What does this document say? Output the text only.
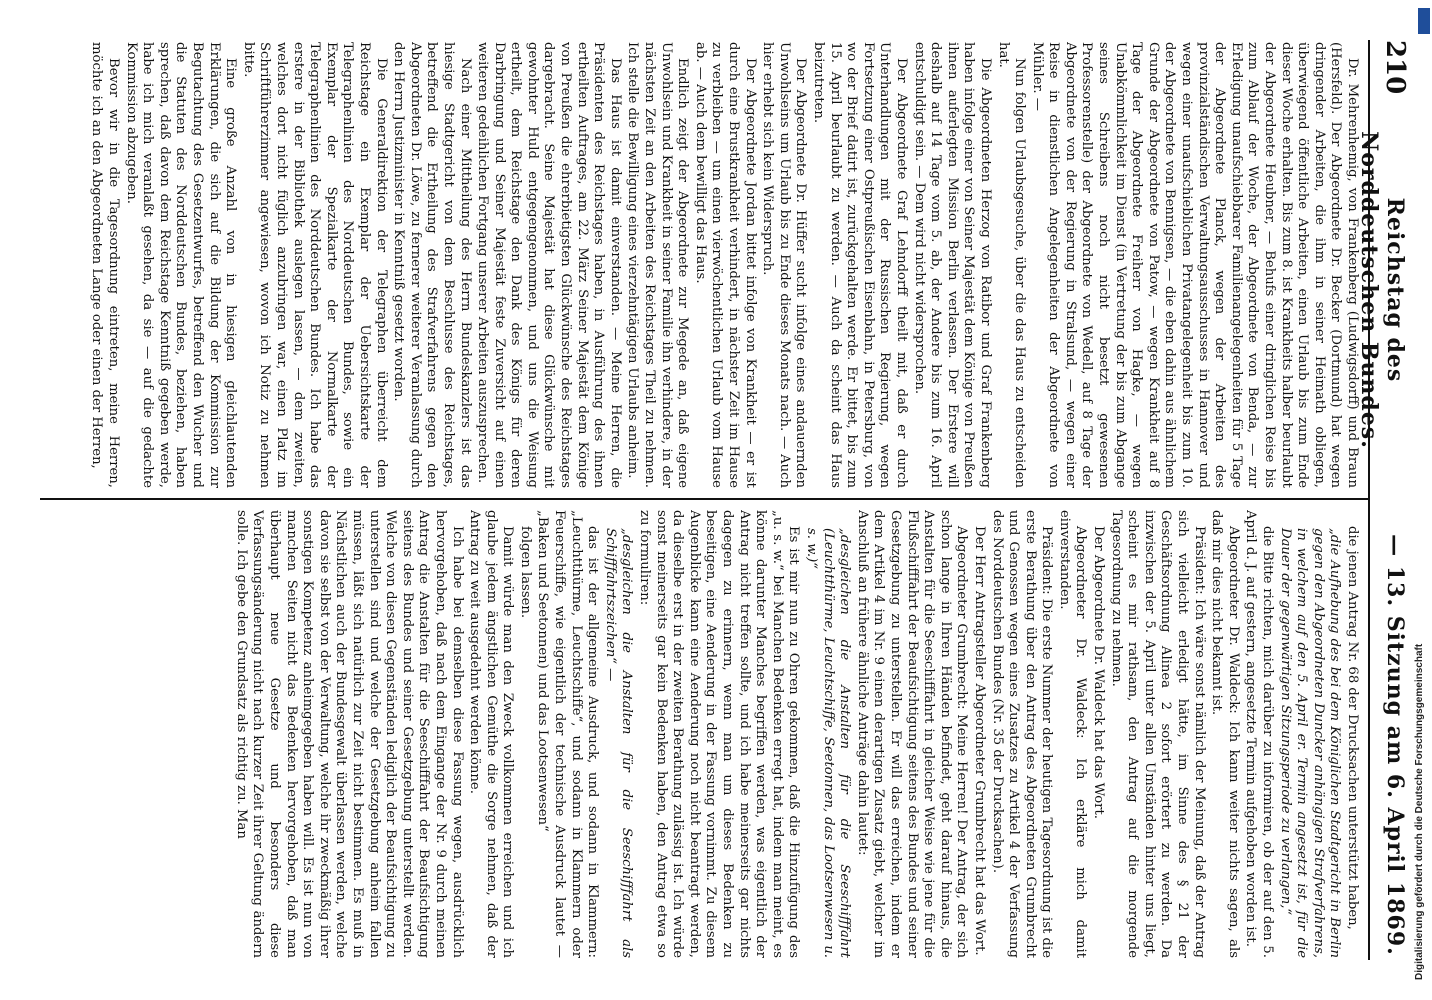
210
Reichstag des Norddeutschen Bundes.
— 13. Sitzung am 6. April 1869.

Dr. Mehrenhemig, von Frankenberg (Ludwigsdorff) und Braun (Hersfeld). Der Abgeordnete Dr. Becker (Dortmund) hat wegen dringender Arbeiten, die ihm in seiner Heimath obliegen, überwiegend öffentliche Arbeiten, einen Urlaub bis zum Ende dieser Woche erhalten. Bis zum 8. ist Krankheits halber beurlaubt der Abgeordnete Heubner, — Behufs einer dringlichen Reise bis zum Ablauf der Woche, der Abgeordnete von Benda, — zur Erledigung unaufschiebbarer Familienangelegenheiten für 5 Tage der Abgeordnete Planck, wegen der Arbeiten des provinzialständischen Verwaltungsausschusses in Hannover und wegen einer unaufschieblichen Privatangelegenheit bis zum 10. der Abgeordnete von Bennigsen, — die eben dahin aus ähnlichem Grunde der Abgeordnete von Patow, — wegen Krankheit auf 8 Tage der Abgeordnete Freiherr von Hagke, — wegen Unabkömmlichkeit im Dienst (in Vertretung der bis zum Abgange seines Schreibens noch nicht besetzt gewesenen Professorenstelle) der Abgeordnete von Wedell, auf 8 Tage der Abgeordnete von der Regierung in Stralsund, — wegen einer Reise in dienstlichen Angelegenheiten der Abgeordnete von Mühler. —

Nun folgen Urlaubsgesuche, über die das Haus zu entscheiden hat.

Die Abgeordneten Herzog von Ratibor und Graf Frankenberg haben infolge einer von Seiner Majestät dem Könige von Preußen ihnen auferlegten Mission Berlin verlassen. Der Erstere will deshalb auf 14 Tage vom 5. ab, der Andere bis zum 16. April entschuldigt sein. — Dem wird nicht widersprochen.

Der Abgeordnete Graf Lehndorff theilt mit, daß er durch Unterhandlungen mit der Russischen Regierung, wegen Fortsetzung einer Ostpreußischen Eisenbahn, in Petersburg, von wo der Brief datirt ist, zurückgehalten werde. Er bittet, bis zum 15. April beurlaubt zu werden. — Auch da scheint das Haus beizutreten.

Der Abgeordnete Dr. Hüffer sucht infolge eines andauernden Unwohlseins um Urlaub bis zu Ende dieses Monats nach. — Auch hier erhebt sich kein Widerspruch.

Der Abgeordnete Jordan bittet infolge von Krankheit — er ist durch eine Brustkrankheit verhindert, in nächster Zeit im Hause zu verbleiben — um einen vierwöchentlichen Urlaub vom Hause ab. — Auch dem bewilligt das Haus.

Endlich zeigt der Abgeordnete zur Megede an, daß eigene Unwohlsein und Krankheit in seiner Familie ihn verhindere, in der nächsten Zeit an den Arbeiten des Reichstages Theil zu nehmen. Ich stelle die Bewilligung eines vierzehntägigen Urlaubs anheim.

Das Haus ist damit einverstanden. — Meine Herren, die Präsidenten des Reichstages haben, in Ausführung des ihnen ertheilten Auftrages, am 22. März Seiner Majestät dem Könige von Preußen die ehrerbietigsten Glückwünsche des Reichstages dargebracht. Seine Majestät hat diese Glückwünsche mit gewohnter Huld entgegengenommen, und uns die Weisung ertheilt, dem Reichstage den Dank des Königs für deren Darbringung und Seiner Majestät feste Zuversicht auf einen weiteren gedeihlichen Fortgang unserer Arbeiten auszusprechen.

Nach einer Mittheilung des Herrn Bundeskanzlers ist das hiesige Stadtgericht von dem Beschlusse des Reichstages, betreffend die Ertheilung des Strafverfahrens gegen den Abgeordneten Dr. Löwe, zu fernerer weiterer Veranlassung durch den Herrn Justizminister in Kenntniß gesetzt worden.

Die Generaldirektion der Telegraphen überreicht dem Reichstage ein Exemplar der Uebersichtskarte der Telegraphenlinien des Norddeutschen Bundes, sowie ein Exemplar der Spezialkarte der Normalkarte der Telegraphenlinien des Norddeutschen Bundes. Ich habe das erstere in der Bibliothek auslegen lassen, — dem zweiten, welches dort nicht füglich anzubringen war, einen Platz im Schriftführerzimmer angewiesen, wovon ich Notiz zu nehmen bitte.

Eine große Anzahl von in hiesigen gleichlautenden Erklärungen, die sich auf die Bildung der Kommission zur Begutachtung des Gesetzentwurfes, betreffend den Wucher und die Statuten des Norddeutschen Bundes, beziehen, haben sprechen, daß davon dem Reichstage Kenntniß gegeben werde, habe ich mich veranlaßt gesehen, da sie — auf die gedachte Kommission abzugeben.

Bevor wir in die Tagesordnung eintreten, meine Herren, möchte ich an den Abgeordneten Lange oder einen der Herren,

die jenen Antrag Nr. 68 der Drucksachen unterstützt haben,

„die Aufhebung des bei dem Königlichen Stadtgericht in Berlin gegen den Abgeordneten Duncker anhängigen Strafverfahrens, in welchem auf den 5. April er. Termin angesetzt ist, für die Dauer der gegenwärtigen Sitzungsperiode zu verlangen,“

die Bitte richten, mich darüber zu informiren, ob der auf den 5. April d. J. auf gestern, angesetzte Termin aufgehoben worden ist.

Abgeordneter Dr. Waldeck: Ich kann weiter nichts sagen, als daß mir dies nicht bekannt ist.

Präsident: Ich wäre sonst nämlich der Meinung, daß der Antrag sich vielleicht erledigt hätte, im Sinne des § 21 der Geschäftsordnung Alinea 2 sofort erörtert zu werden. Da inzwischen der 5. April unter allen Umständen hinter uns liegt, scheint es mir rathsam, den Antrag auf die morgende Tagesordnung zu nehmen.

Der Abgeordnete Dr. Waldeck hat das Wort.

Abgeordneter Dr. Waldeck: Ich erkläre mich damit einverstanden.

Präsident: Die erste Nummer der heutigen Tagesordnung ist die erste Berathung über den Antrag des Abgeordneten Grumbrecht und Genossen wegen eines Zusatzes zu Artikel 4 der Verfassung des Norddeutschen Bundes (Nr. 35 der Drucksachen).

Der Herr Antragsteller Abgeordneter Grumbrecht hat das Wort.

Abgeordneter Grumbrecht: Meine Herren! Der Antrag, der sich schon lange in Ihren Händen befindet, geht darauf hinaus, die Anstalten für die Seeschifffahrt in gleicher Weise wie jene für die Flußschifffahrt der Beaufsichtigung seitens des Bundes und seiner Gesetzgebung zu unterstellen. Er will das erreichen, indem er dem Artikel 4 im Nr. 9 einen derartigen Zusatz giebt, welcher im Anschluß an frühere ähnliche Anträge dahin lautet:

„desgleichen die Anstalten für die Seeschifffahrt (Leuchtthürme, Leuchtschiffe, Seetonnen, das Lootsenwesen u. s. w.)“

Es ist mir nun zu Ohren gekommen, daß die Hinzufügung des „u. s. w.“ bei Manchen Bedenken erregt hat, indem man meint, es könne darunter Manches begriffen werden, was eigentlich der Antrag nicht treffen sollte, und ich habe meinerseits gar nichts dagegen zu erinnern, wenn man um dieses Bedenken zu beseitigen, eine Aenderung in der Fassung vornimmt. Zu diesem Augenblicke kann eine Aenderung noch nicht beantragt werden, da dieselbe erst in der zweiten Berathung zulässig ist. Ich würde sonst meinerseits gar kein Bedenken haben, den Antrag etwa so zu formuliren:

„desgleichen die Anstalten für die Seeschifffahrt als Schifffahrtszeichen“ —

das ist der allgemeine Ausdruck, und sodann in Klammern: „Leuchtthürme, Leuchtschiffe“, und sodann in Klammern oder Feuerschiffe, wie eigentlich der technische Ausdruck lautet — „Baken und Seetonnen) und das Lootsenwesen“

folgen lassen.

Damit würde man den Zweck vollkommen erreichen und ich glaube jedem ängstlichen Gemüthe die Sorge nehmen, daß der Antrag zu weit ausgedehnt werden könne.

Ich habe bei demselben diese Fassung wegen, ausdrücklich hervorgehoben, daß nach dem Eingange der Nr. 9 durch meinen Antrag die Anstalten für die Seeschifffahrt der Beaufsichtigung seitens des Bundes und seiner Gesetzgebung unterstellt werden. Welche von diesen Gegenständen lediglich der Beaufsichtigung zu unterstellen sind und welche der Gesetzgebung anheim fallen müssen, läßt sich natürlich zur Zeit nicht bestimmen. Es muß in Nächstlichen auch der Bundesgewalt überlassen werden, welche davon sie selbst von der Verwaltung, welche ihr zweckmäßig ihrer sonstigen Kompetenz anheimgegeben haben will. Es ist nun von manchen Seiten nicht das Bedenken hervorgehoben, daß man überhaupt neue Gesetze und besonders diese Verfassungsänderung nicht nach kurzer Zeit ihrer Geltung ändern solle. Ich gebe den Grundsatz als richtig zu. Man	Digitalisierung gefördert durch die Deutsche Forschungsgemeinschaft
